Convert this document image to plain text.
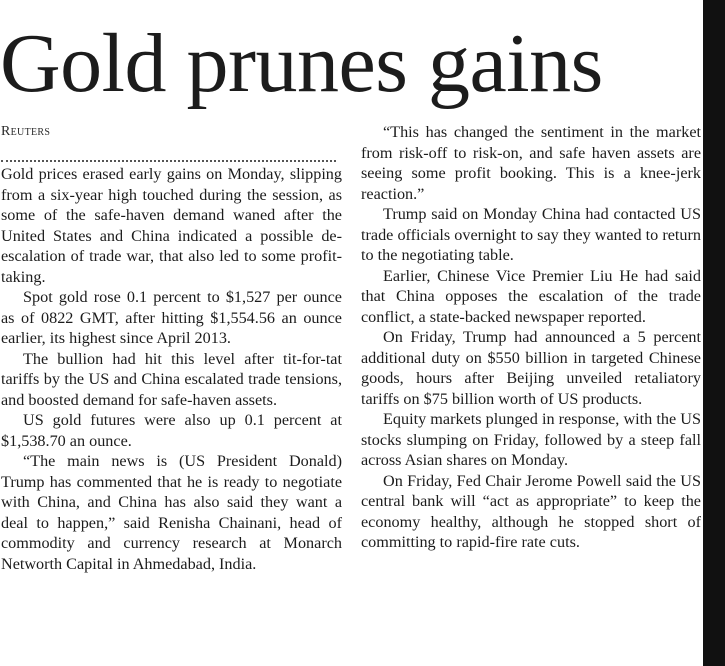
Gold prunes gains

Reuters

Gold prices erased early gains on Monday, slipping from a six-year high touched during the session, as some of the safe-haven demand waned after the United States and China indicated a possible de-escalation of trade war, that also led to some profit-taking.

Spot gold rose 0.1 percent to $1,527 per ounce as of 0822 GMT, after hitting $1,554.56 an ounce earlier, its highest since April 2013.

The bullion had hit this level after tit-for-tat tariffs by the US and China escalated trade tensions, and boosted demand for safe-haven assets.

US gold futures were also up 0.1 percent at $1,538.70 an ounce.

“The main news is (US President Donald) Trump has commented that he is ready to negotiate with China, and China has also said they want a deal to happen,” said Renisha Chainani, head of commodity and currency research at Monarch Networth Capital in Ahmedabad, India.

“This has changed the sentiment in the market from risk-off to risk-on, and safe haven assets are seeing some profit booking. This is a knee-jerk reaction.”

Trump said on Monday China had contacted US trade officials overnight to say they wanted to return to the negotiating table.

Earlier, Chinese Vice Premier Liu He had said that China opposes the escalation of the trade conflict, a state-backed newspaper reported.

On Friday, Trump had announced a 5 percent additional duty on $550 billion in targeted Chinese goods, hours after Beijing unveiled retaliatory tariffs on $75 billion worth of US products.

Equity markets plunged in response, with the US stocks slumping on Friday, followed by a steep fall across Asian shares on Monday.

On Friday, Fed Chair Jerome Powell said the US central bank will “act as appropriate” to keep the economy healthy, although he stopped short of committing to rapid-fire rate cuts.
